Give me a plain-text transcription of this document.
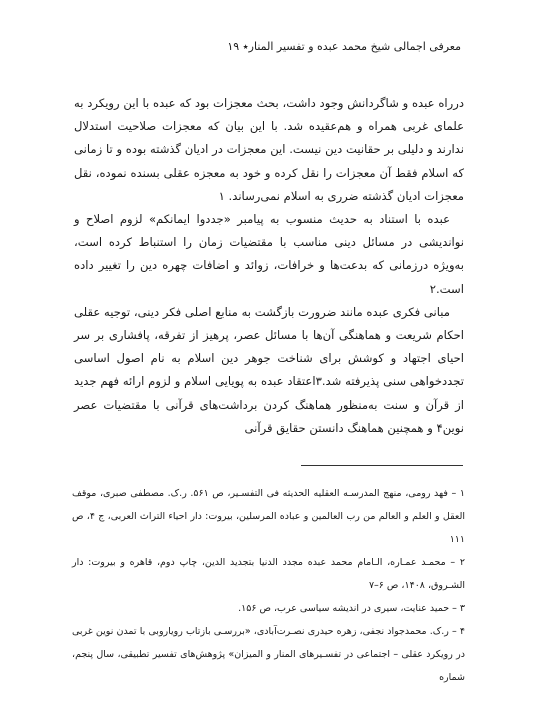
معرفی اجمالی شیخ محمد عبده و تفسیر المنار٭ ۱۹

درراه عبده و شاگردانش وجود داشت، بحث معجزات بود که عبده با این رویکرد به علمای غربی همراه و هم‌عقیده شد. با این بیان که معجزات صلاحیت استدلال ندارند و دلیلی بر حقانیت دین نیست. این معجزات در ادیان گذشته بوده و تا زمانی که اسلام فقط آن معجزات را نقل کرده و خود به معجزه عقلی بسنده نموده، نقل معجزات ادیان گذشته ضرری به اسلام نمی‌رساند. ۱

عبده با استناد به حدیث منسوب به پیامبر «جددوا ایمانکم» لزوم اصلاح و نواندیشی در مسائل دینی مناسب با مقتضیات زمان را استنباط کرده است، به‌ویژه درزمانی که بدعت‌ها و خرافات، زوائد و اضافات چهره دین را تغییر داده است.۲

مبانی فکری عبده مانند ضرورت بازگشت به منابع اصلی فکر دینی، توجیه عقلی احکام شریعت و هماهنگی آن‌ها با مسائل عصر، پرهیز از تفرقه، پافشاری بر سر احیای اجتهاد و کوشش برای شناخت جوهر دین اسلام به نام اصول اساسی تجددخواهی سنی پذیرفته شد.۳اعتقاد عبده به پویایی اسلام و لزوم ارائه فهم جدید از قرآن و سنت به‌منظور هماهنگ کردن برداشت‌های قرآنی با مقتضیات عصر نوین۴ و همچنین هماهنگ دانستن حقایق قرآنی

۱ – فهد رومی، منهج المدرسـه العقلیه الحدیثه فی التفسـیر، ص ۵۶۱. ر.ک. مصطفی صبری، موقف العقل و العلم و العالم من رب العالمین و عباده المرسلین، بیروت: دار احیاء التراث العربی، ج ۴، ص ۱۱۱

۲ – محمـد عمـاره، الـامام محمد عبده مجدد الدنیا بتجدید الدین، چاپ دوم، قاهره و بیروت: دار الشـروق، ۱۴۰۸، ص ۶–۷

۳ – حمید عنایت، سیری در اندیشه سیاسی عرب، ص ۱۵۶.

۴ – ر.ک. محمدجواد نجفی، زهره حیدری نصـرت‌آبادی، «بررسـی بازتاب رویاروبی با تمدن نوین غربی در رویکرد عقلی – اجتماعی در تفسـیرهای المنار و المیزان» پژوهش‌های تفسیر تطبیقی، سال پنجم، شماره
